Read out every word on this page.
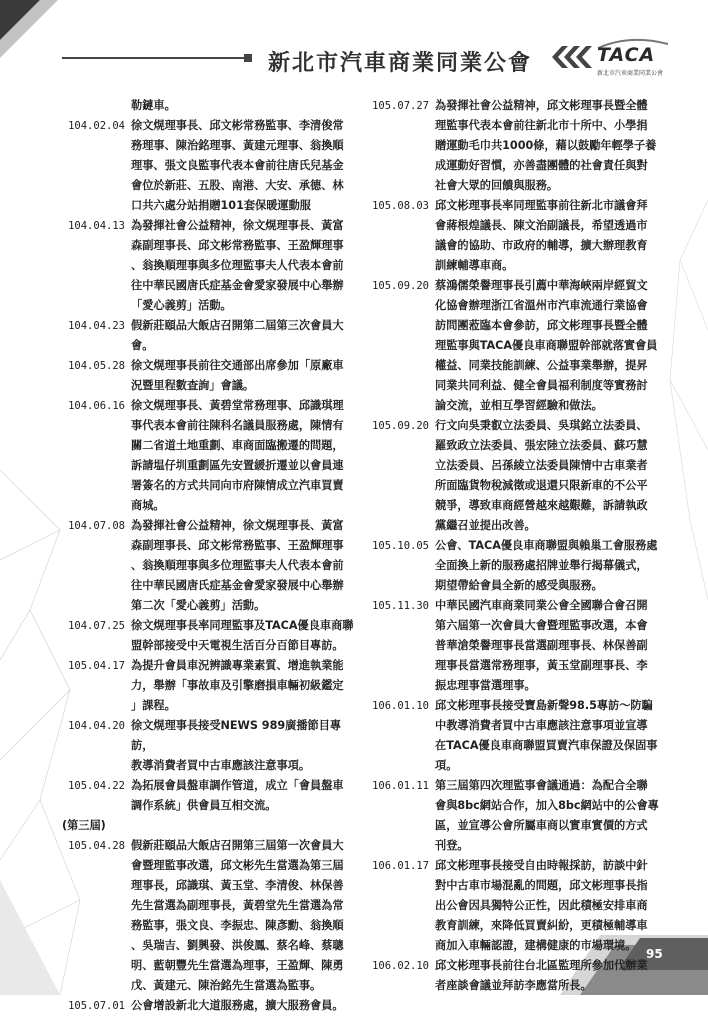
新北市汽車商業同業公會	TACA
新北市汽車商業同業公會
勒鏈車。
104.02.04 徐文熀理事長、邱文彬常務監事、李清俊常
務理事、陳治銘理事、黃建元理事、翁換順
理事、張文良監事代表本會前往唐氏兒基金
會位於新莊、五股、南港、大安、承德、林
口共六處分站捐贈101套保暖運動服
104.04.13 為發揮社會公益精神，徐文熀理事長、黃富
森副理事長、邱文彬常務監事、王盈輝理事
、翁換順理事與多位理監事夫人代表本會前
往中華民國唐氏症基金會愛家發展中心舉辦
「愛心義剪」活動。
104.04.23 假新莊頤品大飯店召開第二屆第三次會員大
會。
104.05.28 徐文熀理事長前往交通部出席參加「原廠車
況暨里程數查詢」會議。
104.06.16 徐文熀理事長、黃碧堂常務理事、邱識琪理
事代表本會前往陳科名議員服務處，陳情有
關二省道土地重劃、車商面臨搬遷的問題，
訴請塭仔圳重劃區先安置緩折遷並以會員連
署簽名的方式共同向市府陳情成立汽車買賣
商城。
104.07.08 為發揮社會公益精神，徐文熀理事長、黃富
森副理事長、邱文彬常務監事、王盈輝理事
、翁換順理事與多位理監事夫人代表本會前
往中華民國唐氏症基金會愛家發展中心舉辦
第二次「愛心義剪」活動。
104.07.25 徐文熀理事長率同理監事及TACA優良車商聯
盟幹部接受中天電視生活百分百節目專訪。
105.04.17 為提升會員車況辨識專業素質、增進執業能
力，舉辦「事故車及引擎磨損車輛初級鑑定
」課程。
104.04.20 徐文熀理事長接受NEWS 989廣播節目專訪，
教導消費者買中古車應該注意事項。
105.04.22 為拓展會員盤車調作管道，成立「會員盤車
調作系統」供會員互相交流。
(第三屆)
105.04.28 假新莊頤品大飯店召開第三屆第一次會員大
會暨理監事改選，邱文彬先生當選為第三屆
理事長，邱識琪、黃玉堂、李清俊、林保善
先生當選為副理事長，黃碧堂先生當選為常
務監事，張文良、李振忠、陳彥勳、翁換順
、吳瑞吉、劉興發、洪俊鳳、蔡名峰、蔡聰
明、藍朝豐先生當選為理事，王盈輝、陳勇
戊、黃建元、陳治銘先生當選為監事。
105.07.01 公會增設新北大道服務處，擴大服務會員。
105.07.27 為發揮社會公益精神，邱文彬理事長暨全體
理監事代表本會前往新北市十所中、小學捐
贈運動毛巾共1000條，藉以鼓勵年輕學子養
成運動好習慣，亦善盡團體的社會責任與對
社會大眾的回饋與服務。
105.08.03 邱文彬理事長率同理監事前往新北市議會拜
會蔣根煌議長、陳文治副議長，希望透過市
議會的協助、市政府的輔導，擴大辦理教育
訓練輔導車商。
105.09.20 蔡鴻儒榮譽理事長引薦中華海峽兩岸經貿文
化協會辦理浙江省溫州市汽車流通行業協會
訪問團蒞臨本會參訪，邱文彬理事長暨全體
理監事與TACA優良車商聯盟幹部就落實會員
權益、同業技能訓練、公益事業舉辦，提昇
同業共同利益、健全會員福利制度等實務討
論交流，並相互學習經驗和做法。
105.09.20 行文向吳秉叡立法委員、吳琪銘立法委員、
羅致政立法委員、張宏陸立法委員、蘇巧慧
立法委員、呂孫綾立法委員陳情中古車業者
所面臨貨物稅減徵或退還只限新車的不公平
競爭，導致車商經營越來越艱難，訴請執政
黨繼召並提出改善。
105.10.05 公會、TACA優良車商聯盟與賴巢工會服務處
全面換上新的服務處招牌並舉行揭幕儀式，
期望帶給會員全新的感受與服務。
105.11.30 中華民國汽車商業同業公會全國聯合會召開
第六屆第一次會員大會暨理監事改選，本會
普華滄榮譽理事長當選副理事長、林保善副
理事長當選常務理事，黃玉堂副理事長、李
振忠理事當選理事。
106.01.10 邱文彬理事長接受寶島新聲98.5專訪～防騙
中教導消費者買中古車應該注意事項並宣導
在TACA優良車商聯盟買賣汽車保證及保固事
項。
106.01.11 第三屆第四次理監事會議通過：為配合全聯
會與8bc網站合作，加入8bc網站中的公會專
區，並宣導公會所屬車商以實車實價的方式
刊登。
106.01.17 邱文彬理事長接受自由時報採訪，訪談中針
對中古車市場混亂的問題，邱文彬理事長指
出公會因具獨特公正性，因此積極安排車商
教育訓練，來降低買賣糾紛，更積極輔導車
商加入車輛認證，建構健康的市場環境。
106.02.10 邱文彬理事長前往台北區監理所參加代辦業
者座談會議並拜訪李應當所長。
95
